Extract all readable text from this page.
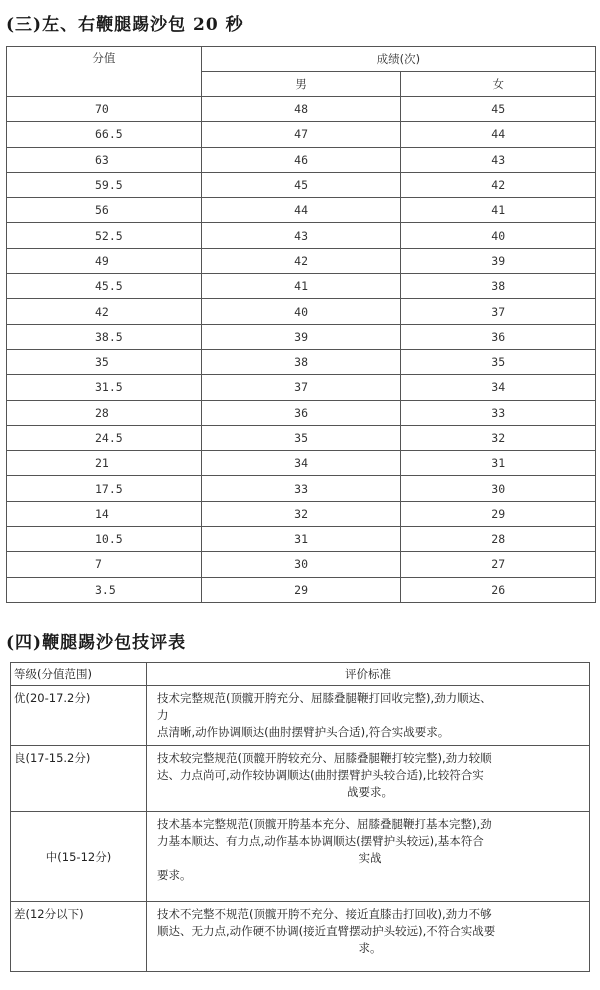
(三)左、右鞭腿踢沙包 20 秒
分值	成绩(次)	
	男	女
70	48	45
66.5	47	44
63	46	43
59.5	45	42
56	44	41
52.5	43	40
49	42	39
45.5	41	38
42	40	37
38.5	39	36
35	38	35
31.5	37	34
28	36	33
24.5	35	32
21	34	31
17.5	33	30
14	32	29
10.5	31	28
7	30	27
3.5	29	26
(四)鞭腿踢沙包技评表
等级(分值范围)	评价标准
优(20-17.2分)	技术完整规范(顶髋开胯充分、屈膝叠腿鞭打回收完整),劲力顺达、
力
点清晰,动作协调顺达(曲肘摆臂护头合适),符合实战要求。

良(17-15.2分)	技术较完整规范(顶髋开胯较充分、屈膝叠腿鞭打较完整),劲力较顺
达、力点尚可,动作较协调顺达(曲肘摆臂护头较合适),比较符合实
战要求。

中(15-12分)	技术基本完整规范(顶髋开胯基本充分、屈膝叠腿鞭打基本完整),劲
力基本顺达、有力点,动作基本协调顺达(摆臂护头较远),基本符合
实战
要求。

差(12分以下)	技术不完整不规范(顶髋开胯不充分、接近直膝击打回收),劲力不够
顺达、无力点,动作硬不协调(接近直臂摆动护头较远),不符合实战要
求。
